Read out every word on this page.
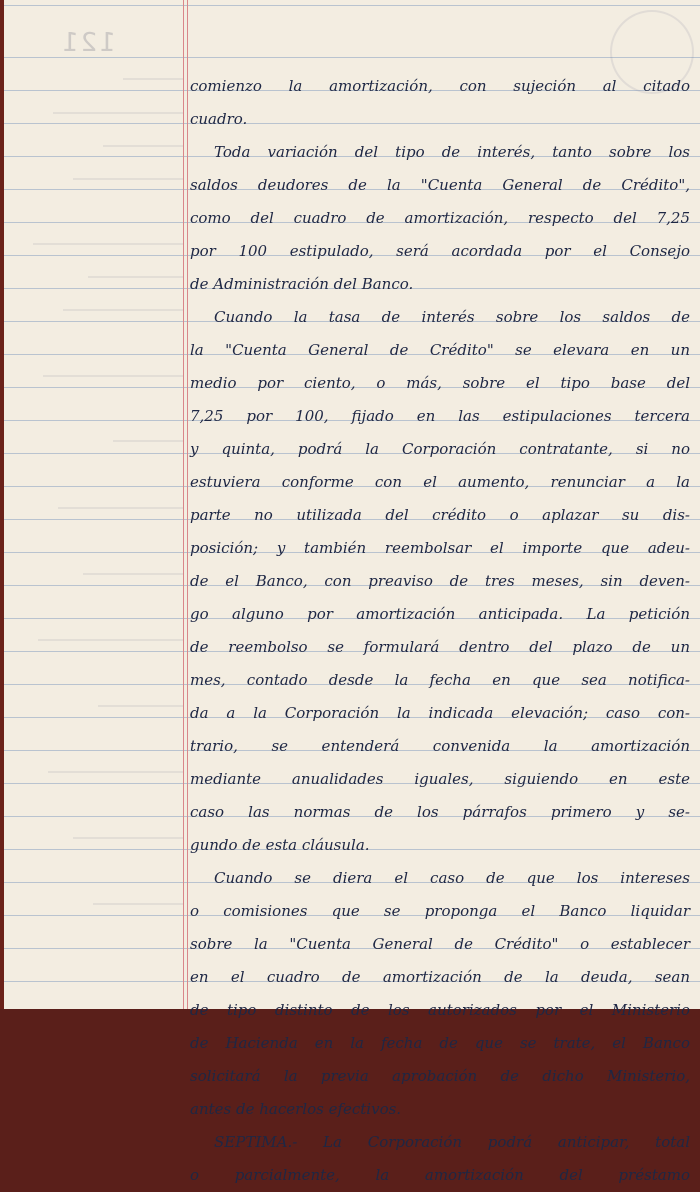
121
comienzo la amortización, con sujeción al citado
cuadro.
Toda variación del tipo de interés, tanto sobre los
saldos deudores de la "Cuenta General de Crédito",
como del cuadro de amortización, respecto del 7,25
por 100 estipulado, será acordada por el Consejo
de Administración del Banco.
Cuando la tasa de interés sobre los saldos de
la "Cuenta General de Crédito" se elevara en un
medio por ciento, o más, sobre el tipo base del
7,25 por 100, fijado en las estipulaciones tercera
y quinta, podrá la Corporación contratante, si no
estuviera conforme con el aumento, renunciar a la
parte no utilizada del crédito o aplazar su dis-
posición; y también reembolsar el importe que adeu-
de el Banco, con preaviso de tres meses, sin deven-
go alguno por amortización anticipada. La petición
de reembolso se formulará dentro del plazo de un
mes, contado desde la fecha en que sea notifica-
da a la Corporación la indicada elevación; caso con-
trario, se entenderá convenida la amortización
mediante anualidades iguales, siguiendo en este
caso las normas de los párrafos primero y se-
gundo de esta cláusula.
Cuando se diera el caso de que los intereses
o comisiones que se proponga el Banco liquidar
sobre la "Cuenta General de Crédito" o establecer
en el cuadro de amortización de la deuda, sean
de tipo distinto de los autorizados por el Ministerio
de Hacienda en la fecha de que se trate, el Banco
solicitará la previa aprobación de dicho Ministerio,
antes de hacerlos efectivos.
SEPTIMA.- La Corporación podrá anticipar, total
o parcialmente, la amortización del préstamo
